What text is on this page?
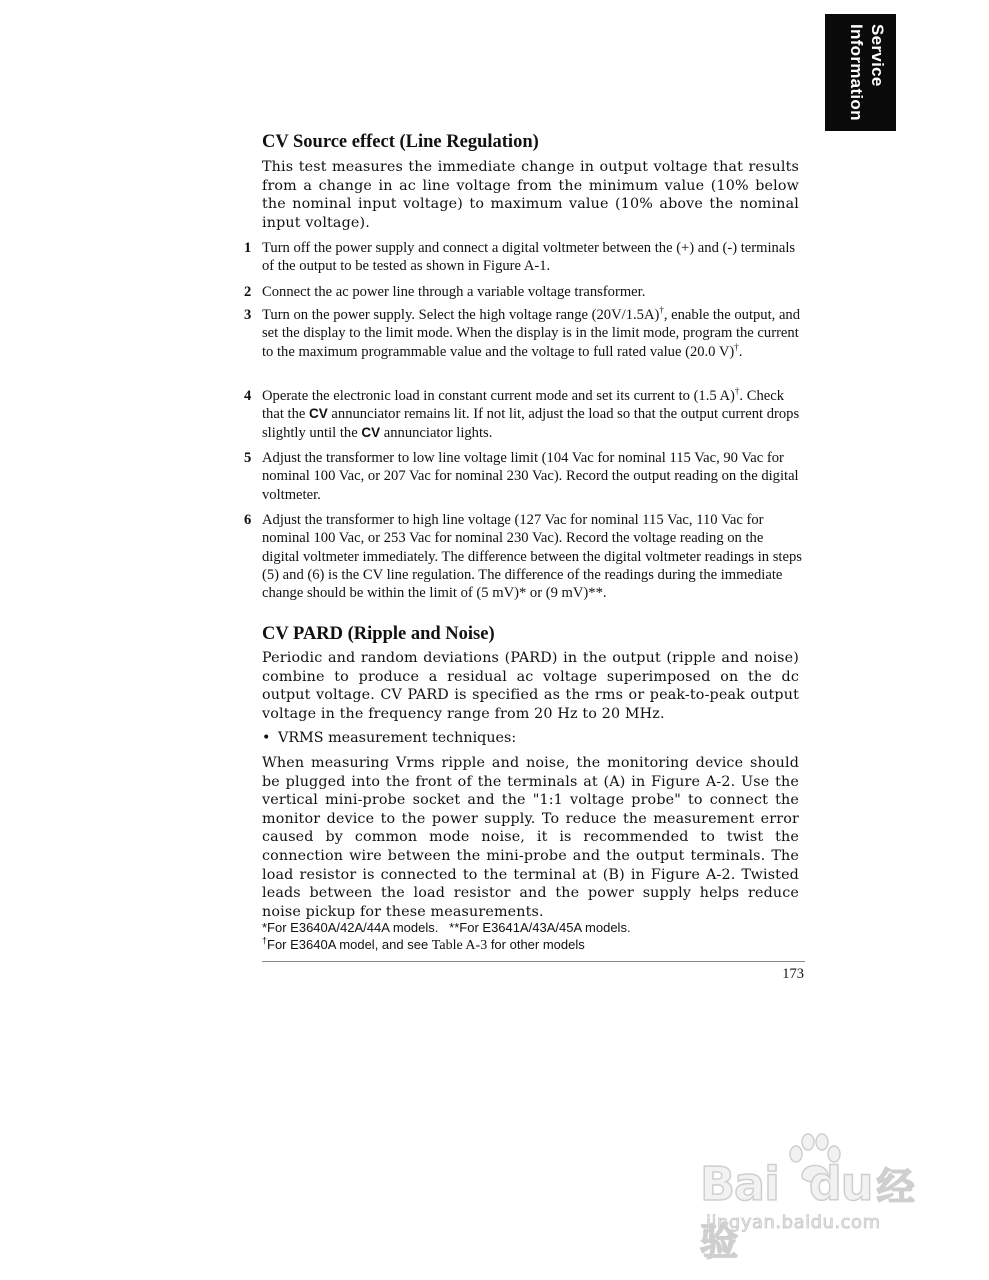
Service
Information
CV Source effect (Line Regulation)

This test measures the immediate change in output voltage that results from a change in ac line voltage from the minimum value (10% below the nominal input voltage) to maximum value (10% above the nominal input voltage).

1 Turn off the power supply and connect a digital voltmeter between the (+) and (-) terminals of the output to be tested as shown in Figure A-1.

2 Connect the ac power line through a variable voltage transformer.

3 Turn on the power supply. Select the high voltage range (20V/1.5A)†, enable the output, and set the display to the limit mode. When the display is in the limit mode, program the current to the maximum programmable value and the voltage to full rated value (20.0 V)†.

4 Operate the electronic load in constant current mode and set its current to (1.5 A)†. Check that the CV annunciator remains lit. If not lit, adjust the load so that the output current drops slightly until the CV annunciator lights.

5 Adjust the transformer to low line voltage limit (104 Vac for nominal 115 Vac, 90 Vac for nominal 100 Vac, or 207 Vac for nominal 230 Vac). Record the output reading on the digital voltmeter.

6 Adjust the transformer to high line voltage (127 Vac for nominal 115 Vac, 110 Vac for nominal 100 Vac, or 253 Vac for nominal 230 Vac). Record the voltage reading on the digital voltmeter immediately. The difference between the digital voltmeter readings in steps (5) and (6) is the CV line regulation. The difference of the readings during the immediate change should be within the limit of (5 mV)* or (9 mV)**.

CV PARD (Ripple and Noise)

Periodic and random deviations (PARD) in the output (ripple and noise) combine to produce a residual ac voltage superimposed on the dc output voltage. CV PARD is specified as the rms or peak-to-peak output voltage in the frequency range from 20 Hz to 20 MHz.

• VRMS measurement techniques:

When measuring Vrms ripple and noise, the monitoring device should be plugged into the front of the terminals at (A) in Figure A-2. Use the vertical mini-probe socket and the "1:1 voltage probe" to connect the monitor device to the power supply. To reduce the measurement error caused by common mode noise, it is recommended to twist the connection wire between the mini-probe and the output terminals. The load resistor is connected to the terminal at (B) in Figure A-2. Twisted leads between the load resistor and the power supply helps reduce noise pickup for these measurements.

*For E3640A/42A/44A models.   **For E3641A/43A/45A models.

†For E3640A model, and see Table A-3 for other models

173
Bai du 经验
jingyan.baidu.com
